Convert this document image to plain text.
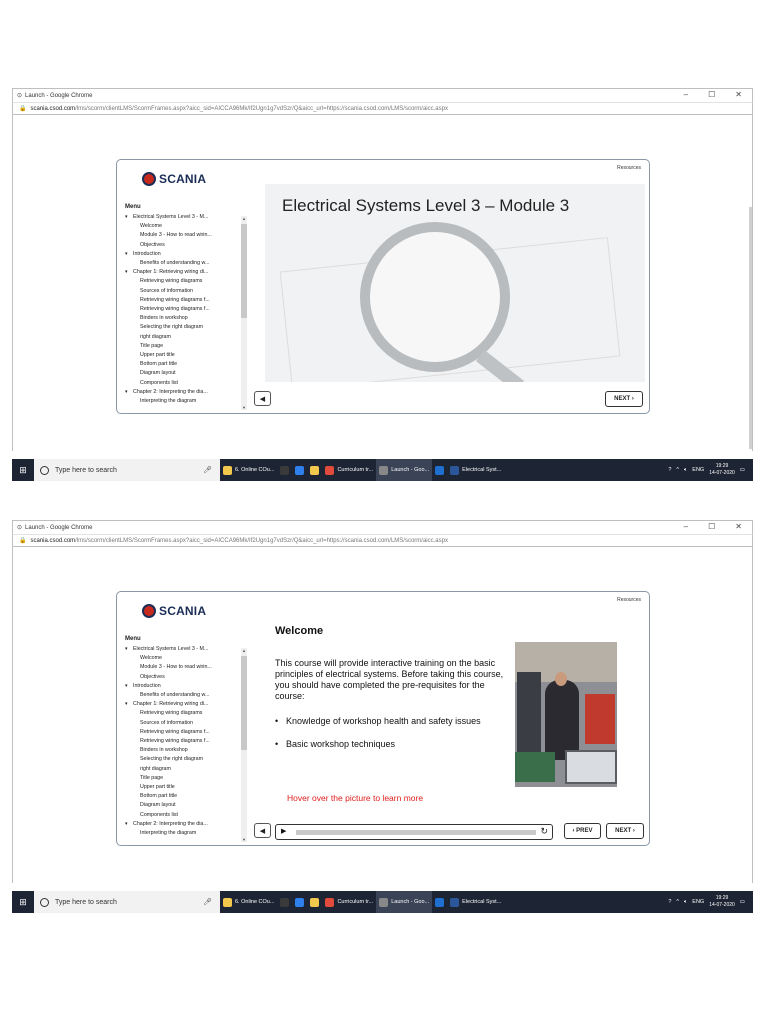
⊙ Launch - Google Chrome	–	☐	✕
🔒 scania.csod.com /lms/scorm/clientLMS/ScormFrames.aspx?aicc_sid=AICCA96Mk/If2Ugn1g7vdSzr/Q&aicc_url=https://scania.csod.com/LMS/scorm/aicc.aspx
Resources
SCANIA
Menu
▾ Electrical Systems Level 3 - M...
Welcome
Module 3 - How to read wirin...
Objectives
▾ Introduction
Benefits of understanding w...
▾ Chapter 1: Retrieving wiring di...
Retrieving wiring diagrams
Sources of information
Retrieving wiring diagrams f...
Retrieving wiring diagrams f...
Binders in workshop
Selecting the right diagram
right diagram
Title page
Upper part title
Bottom part title
Diagram layout
Components list
▾ Chapter 2: Interpreting the dia...
Interpreting the diagram
▲
▼
Electrical Systems Level 3 – Module 3
◀	NEXT ›
⊞	Type here to search	🎤︎	6. Online COu...	Curriculum tr...	Launch - Goo...	Electrical Syst...	? ^ 🔈︎ ENG
19:29
14-07-2020 ▭
⊙ Launch - Google Chrome	–	☐	✕
🔒 scania.csod.com /lms/scorm/clientLMS/ScormFrames.aspx?aicc_sid=AICCA96Mk/If2Ugn1g7vdSzr/Q&aicc_url=https://scania.csod.com/LMS/scorm/aicc.aspx
Resources
SCANIA
Menu
▾ Electrical Systems Level 3 - M...
Welcome
Module 3 - How to read wirin...
Objectives
▾ Introduction
Benefits of understanding w...
▾ Chapter 1: Retrieving wiring di...
Retrieving wiring diagrams
Sources of information
Retrieving wiring diagrams f...
Retrieving wiring diagrams f...
Binders in workshop
Selecting the right diagram
right diagram
Title page
Upper part title
Bottom part title
Diagram layout
Components list
▾ Chapter 2: Interpreting the dia...
Interpreting the diagram
▲
▼
Welcome
This course will provide interactive training on the basic principles of electrical systems. Before taking this course, you should have completed the pre-requisites for the course:
• Knowledge of workshop health and safety issues
• Basic workshop techniques
Hover over the picture to learn more
◀ ▶	↻	‹ PREV	NEXT ›
⊞	Type here to search	🎤︎	6. Online COu...	Curriculum tr...	Launch - Goo...	Electrical Syst...	? ^ 🔈︎ ENG
19:29
14-07-2020 ▭
